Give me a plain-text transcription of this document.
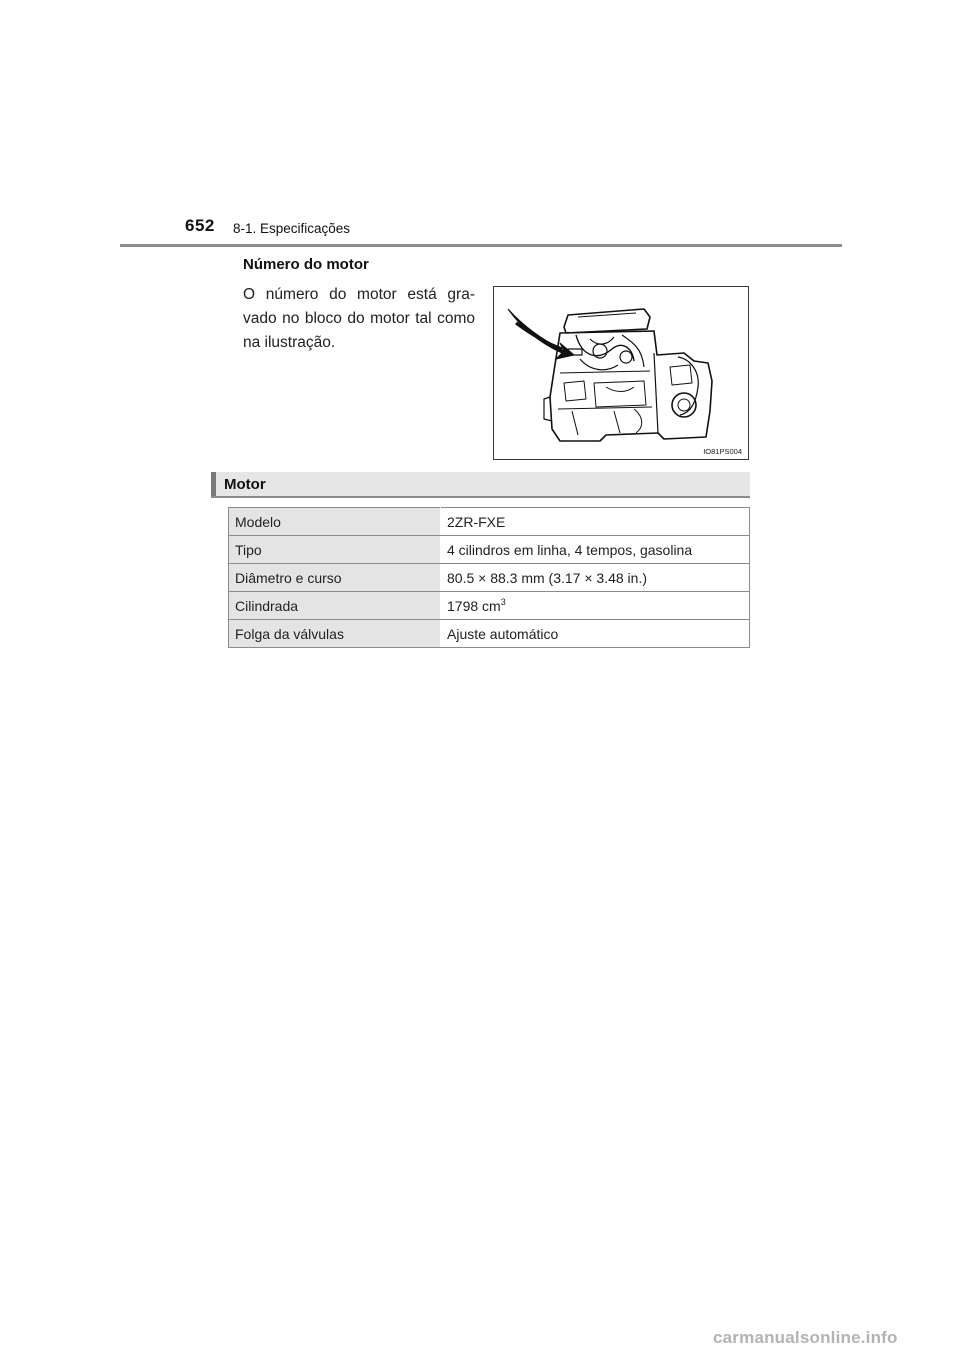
652 8-1. Especificações
Número do motor
O número do motor está gra-vado no bloco do motor tal como na ilustração.
IO81PS004
Motor
Modelo	2ZR-FXE
Tipo	4 cilindros em linha, 4 tempos, gasolina
Diâmetro e curso	80.5 × 88.3 mm (3.17 × 3.48 in.)
Cilindrada	1798 $cm^3$
Folga da válvulas	Ajuste automático
carmanualsonline.info
